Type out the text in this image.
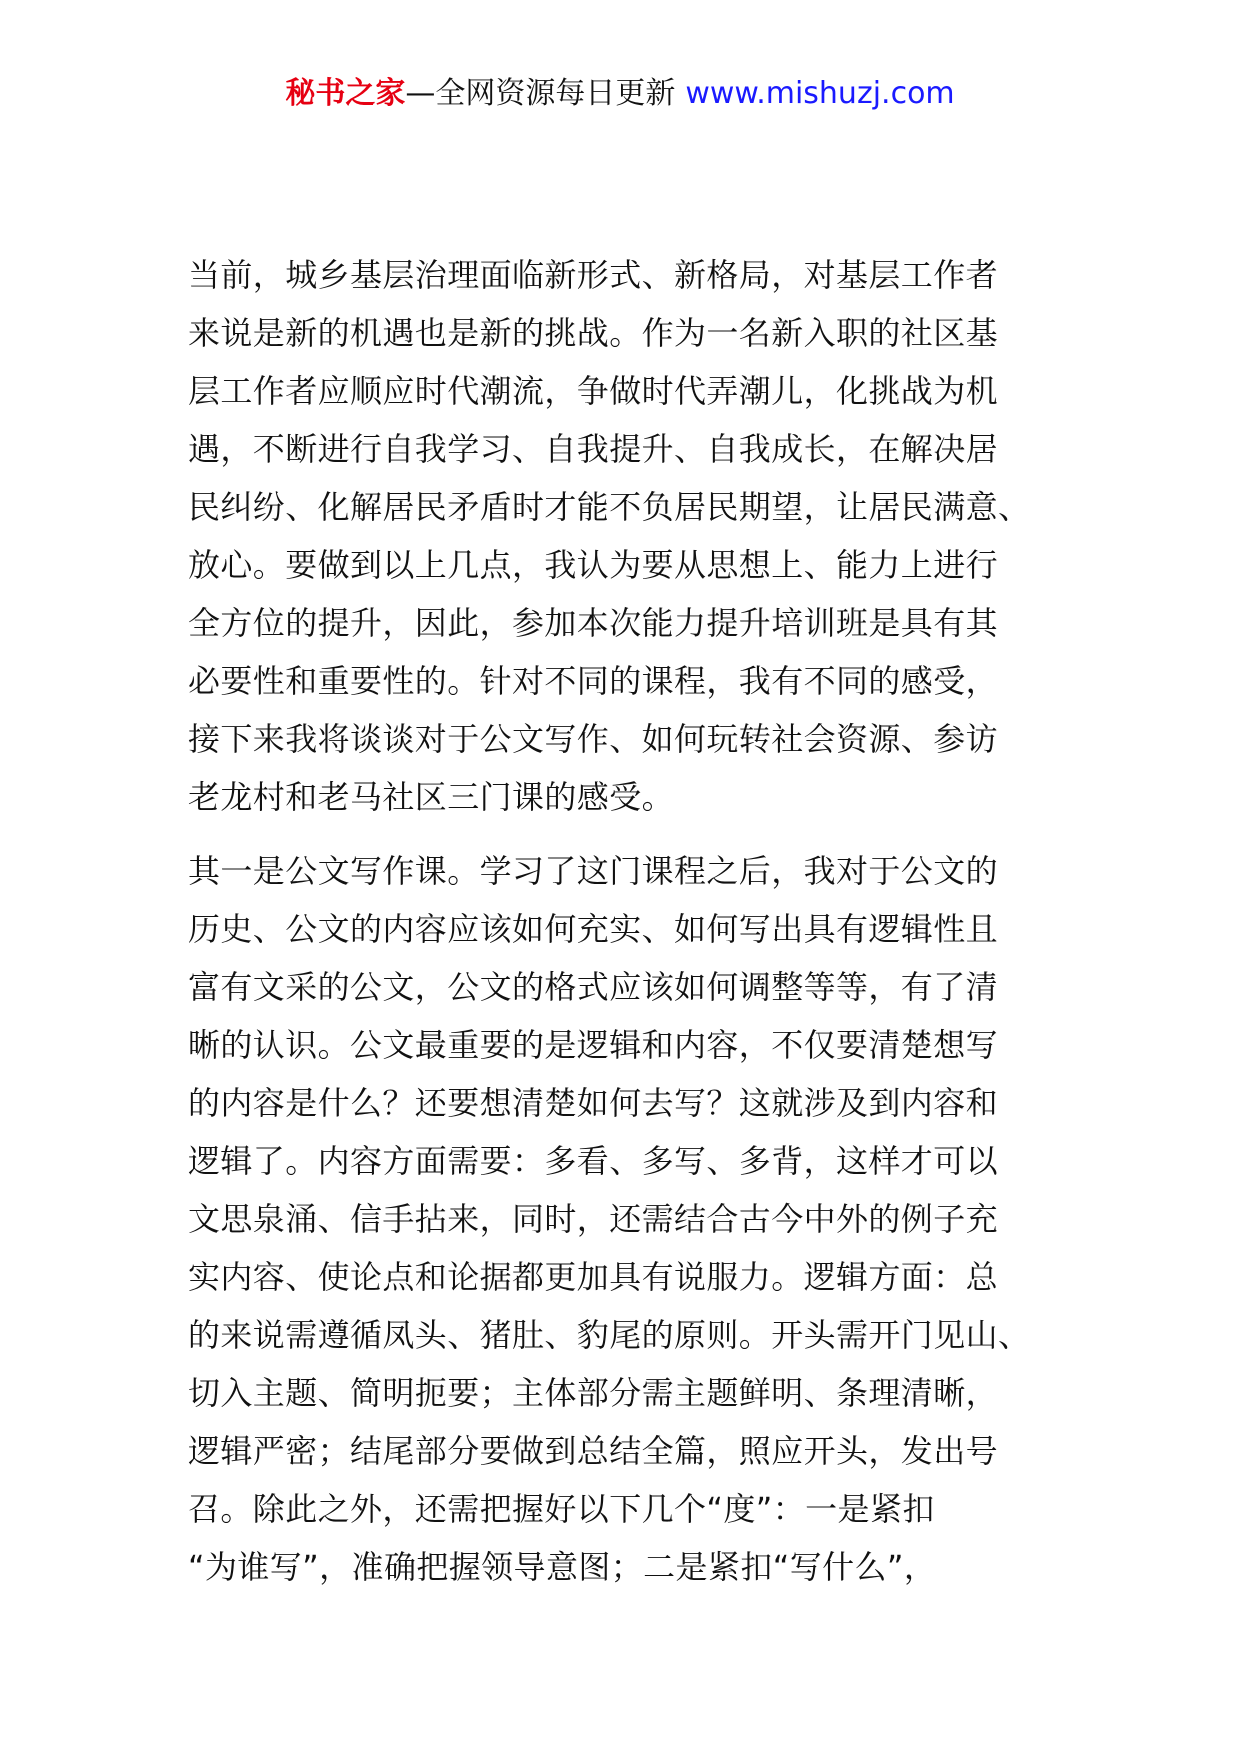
秘书之家—全网资源每日更新 www.mishuzj.com
当前，城乡基层治理面临新形式、新格局，对基层工作者
来说是新的机遇也是新的挑战。作为一名新入职的社区基
层工作者应顺应时代潮流，争做时代弄潮儿，化挑战为机
遇，不断进行自我学习、自我提升、自我成长，在解决居
民纠纷、化解居民矛盾时才能不负居民期望，让居民满意、
放心。要做到以上几点，我认为要从思想上、能力上进行
全方位的提升，因此，参加本次能力提升培训班是具有其
必要性和重要性的。针对不同的课程，我有不同的感受，
接下来我将谈谈对于公文写作、如何玩转社会资源、参访
老龙村和老马社区三门课的感受。
其一是公文写作课。学习了这门课程之后，我对于公文的
历史、公文的内容应该如何充实、如何写出具有逻辑性且
富有文采的公文，公文的格式应该如何调整等等，有了清
晰的认识。公文最重要的是逻辑和内容，不仅要清楚想写
的内容是什么？还要想清楚如何去写？这就涉及到内容和
逻辑了。内容方面需要：多看、多写、多背，这样才可以
文思泉涌、信手拈来，同时，还需结合古今中外的例子充
实内容、使论点和论据都更加具有说服力。逻辑方面：总
的来说需遵循凤头、猪肚、豹尾的原则。开头需开门见山、
切入主题、简明扼要；主体部分需主题鲜明、条理清晰，
逻辑严密；结尾部分要做到总结全篇，照应开头，发出号
召。除此之外，还需把握好以下几个“度”：一是紧扣
“为谁写”，准确把握领导意图；二是紧扣“写什么”，
